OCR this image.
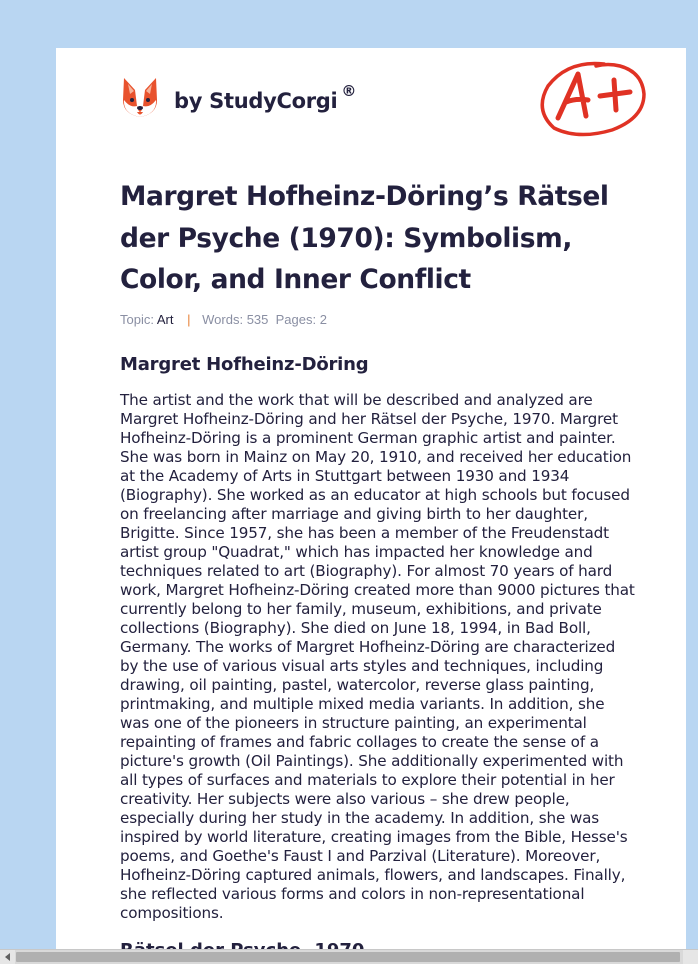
by StudyCorgi ®
Margret Hofheinz-Döring’s Rätsel der Psyche (1970): Symbolism, Color, and Inner Conflict
Topic: Art | Words: 535 Pages: 2
Margret Hofheinz-Döring

The artist and the work that will be described and analyzed are Margret Hofheinz-Döring and her Rätsel der Psyche, 1970. Margret Hofheinz-Döring is a prominent German graphic artist and painter. She was born in Mainz on May 20, 1910, and received her education at the Academy of Arts in Stuttgart between 1930 and 1934 (Biography). She worked as an educator at high schools but focused on freelancing after marriage and giving birth to her daughter, Brigitte. Since 1957, she has been a member of the Freudenstadt artist group "Quadrat," which has impacted her knowledge and techniques related to art (Biography). For almost 70 years of hard work, Margret Hofheinz-Döring created more than 9000 pictures that currently belong to her family, museum, exhibitions, and private collections (Biography). She died on June 18, 1994, in Bad Boll, Germany. The works of Margret Hofheinz-Döring are characterized by the use of various visual arts styles and techniques, including drawing, oil painting, pastel, watercolor, reverse glass painting, printmaking, and multiple mixed media variants. In addition, she was one of the pioneers in structure painting, an experimental repainting of frames and fabric collages to create the sense of a picture's growth (Oil Paintings). She additionally experimented with all types of surfaces and materials to explore their potential in her creativity. Her subjects were also various – she drew people, especially during her study in the academy. In addition, she was inspired by world literature, creating images from the Bible, Hesse's poems, and Goethe's Faust I and Parzival (Literature). Moreover, Hofheinz-Döring captured animals, flowers, and landscapes. Finally, she reflected various forms and colors in non-representational compositions.
